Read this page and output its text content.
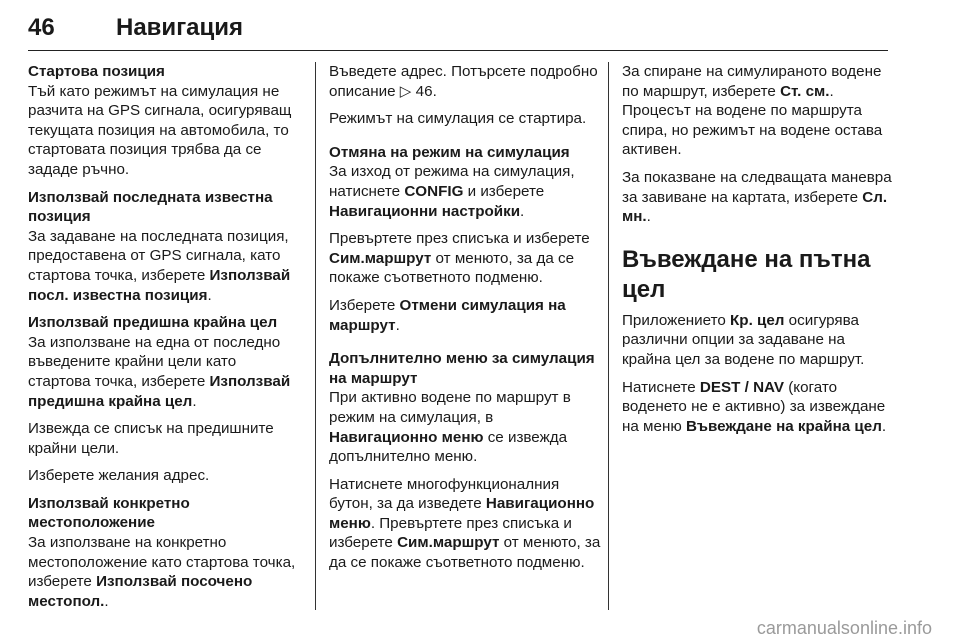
46	Навигация

Стартова позиция

Тъй като режимът на симулация не разчита на GPS сигнала, осигуряващ текущата позиция на автомобила, то стартовата позиция трябва да се зададе ръчно.

Използвай последната известна позиция

За задаване на последната позиция, предоставена от GPS сигнала, като стартова точка, изберете Използвай посл. известна позиция.

Използвай предишна крайна цел

За използване на една от последно въведените крайни цели като стартова точка, изберете Използвай предишна крайна цел.

Извежда се списък на предишните крайни цели.

Изберете желания адрес.

Използвай конкретно местоположение

За използване на конкретно местоположение като стартова точка, изберете Използвай посочено местопол..

Въведете адрес. Потърсете подробно описание ▷ 46.

Режимът на симулация се стартира.

Отмяна на режим на симулация

За изход от режима на симулация, натиснете CONFIG и изберете Навигационни настройки.

Превъртете през списъка и изберете Сим.маршрут от менюто, за да се покаже съответното подменю.

Изберете Отмени симулация на маршрут.

Допълнително меню за симулация на маршрут

При активно водене по маршрут в режим на симулация, в Навигационно меню се извежда допълнително меню.

Натиснете многофункционалния бутон, за да изведете Навигационно меню. Превъртете през списъка и изберете Сим.маршрут от менюто, за да се покаже съответното подменю.

За спиране на симулираното водене по маршрут, изберете Ст. см.. Процесът на водене по маршрута спира, но режимът на водене остава активен.

За показване на следващата маневра за завиване на картата, изберете Сл. мн..

Въвеждане на пътна цел

Приложението Кр. цел осигурява различни опции за задаване на крайна цел за водене по маршрут.

Натиснете DEST / NAV (когато воденето не е активно) за извеждане на меню Въвеждане на крайна цел.

carmanualsonline.info
